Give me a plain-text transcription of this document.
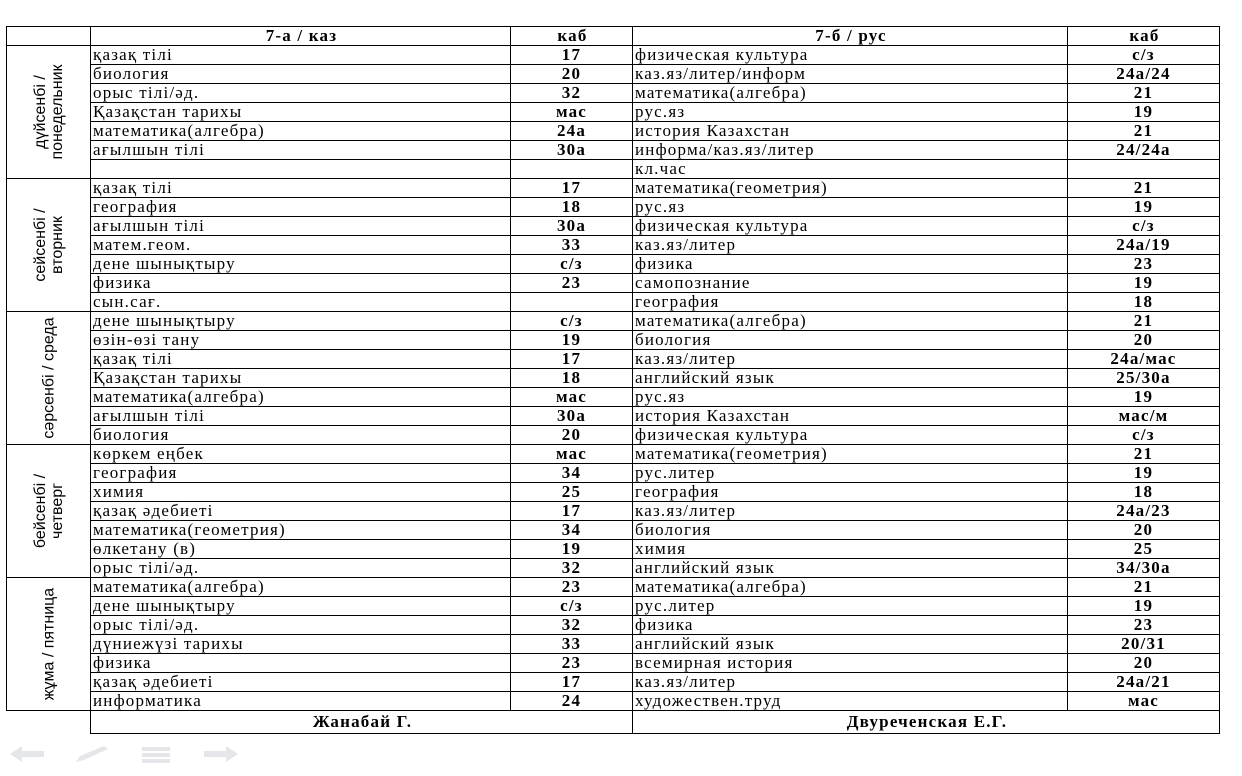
	7-а / каз	каб	7-б / рус	каб

дүйсенбі / понедельник	қазақ тілі	17	физическая культура	с/з
	биология	20	каз.яз/литер/информ	24а/24
	орыс тілі/әд.	32	математика(алгебра)	21
	Қазақстан тарихы	мас	рус.яз	19
	математика(алгебра)	24а	история Казахстан	21
	ағылшын тілі	30а	информа/каз.яз/литер	24/24а
			кл.час	

сейсенбі / вторник	қазақ тілі	17	математика(геометрия)	21
	география	18	рус.яз	19
	ағылшын тілі	30а	физическая культура	с/з
	матем.геом.	33	каз.яз/литер	24а/19
	дене шынықтыру	с/з	физика	23
	физика	23	самопознание	19
	сын.сағ.		география	18

сәрсенбі / среда	дене шынықтыру	с/з	математика(алгебра)	21
	өзін-өзі тану	19	биология	20
	қазақ тілі	17	каз.яз/литер	24а/мас
	Қазақстан тарихы	18	английский язык	25/30а
	математика(алгебра)	мас	рус.яз	19
	ағылшын тілі	30а	история Казахстан	мас/м
	биология	20	физическая культура	с/з

бейсенбі / четверг	көркем еңбек	мас	математика(геометрия)	21
	география	34	рус.литер	19
	химия	25	география	18
	қазақ әдебиеті	17	каз.яз/литер	24а/23
	математика(геометрия)	34	биология	20
	өлкетану (в)	19	химия	25
	орыс тілі/әд.	32	английский язык	34/30а

жұма / пятница	математика(алгебра)	23	математика(алгебра)	21
	дене шынықтыру	с/з	рус.литер	19
	орыс тілі/әд.	32	физика	23
	дүниежүзі тарихы	33	английский язык	20/31
	физика	23	всемирная история	20
	қазақ әдебиеті	17	каз.яз/литер	24а/21
	информатика	24	художествен.труд	мас
	Жанабай Г.		Двуреченская Е.Г.	
